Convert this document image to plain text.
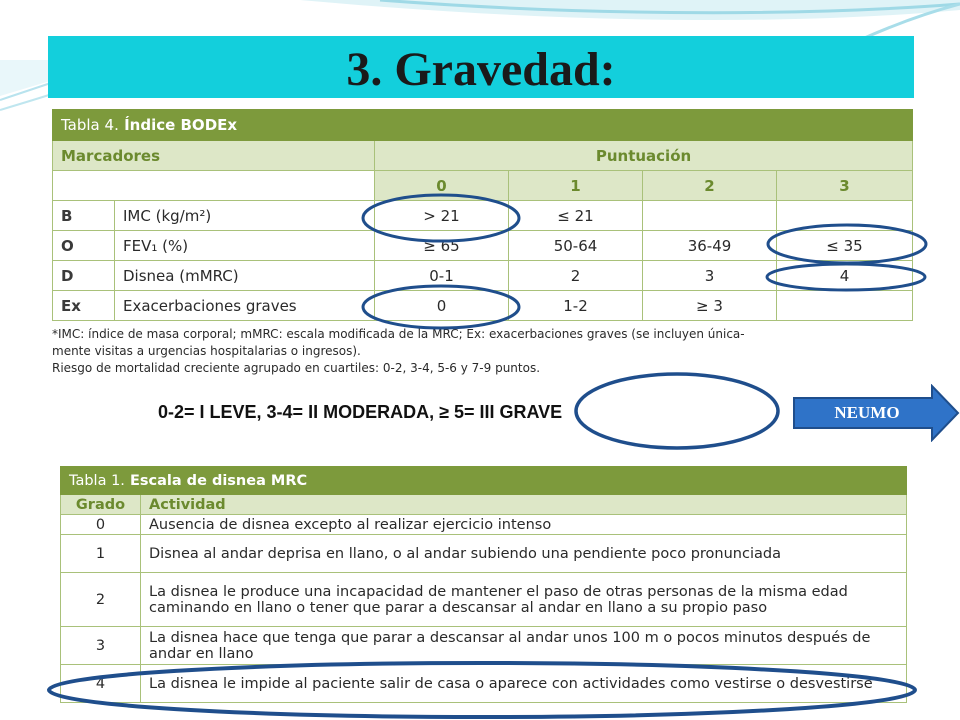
3. Gravedad:
Tabla 4. Índice BODEx					
Marcadores		Puntuación			
		0	1	2	3
B	IMC (kg/m²)	> 21	≤ 21		
O	FEV₁ (%)	≥ 65	50-64	36-49	≤ 35
D	Disnea (mMRC)	0-1	2	3	4
Ex	Exacerbaciones graves	0	1-2	≥ 3	
*IMC: índice de masa corporal; mMRC: escala modificada de la MRC; Ex: exacerbaciones graves (se incluyen única-
mente visitas a urgencias hospitalarias o ingresos).
Riesgo de mortalidad creciente agrupado en cuartiles: 0-2, 3-4, 5-6 y 7-9 puntos.
0-2= I LEVE, 3-4= II MODERADA, ≥ 5= III GRAVE	NEUMO
Tabla 1. Escala de disnea MRC	
Grado	Actividad
0	Ausencia de disnea excepto al realizar ejercicio intenso
1	Disnea al andar deprisa en llano, o al andar subiendo una pendiente poco pronunciada
2	La disnea le produce una incapacidad de mantener el paso de otras personas de la misma edad caminando en llano o tener que parar a descansar al andar en llano a su propio paso
3	La disnea hace que tenga que parar a descansar al andar unos 100 m o pocos minutos después de andar en llano
4	La disnea le impide al paciente salir de casa o aparece con actividades como vestirse o desvestirse
